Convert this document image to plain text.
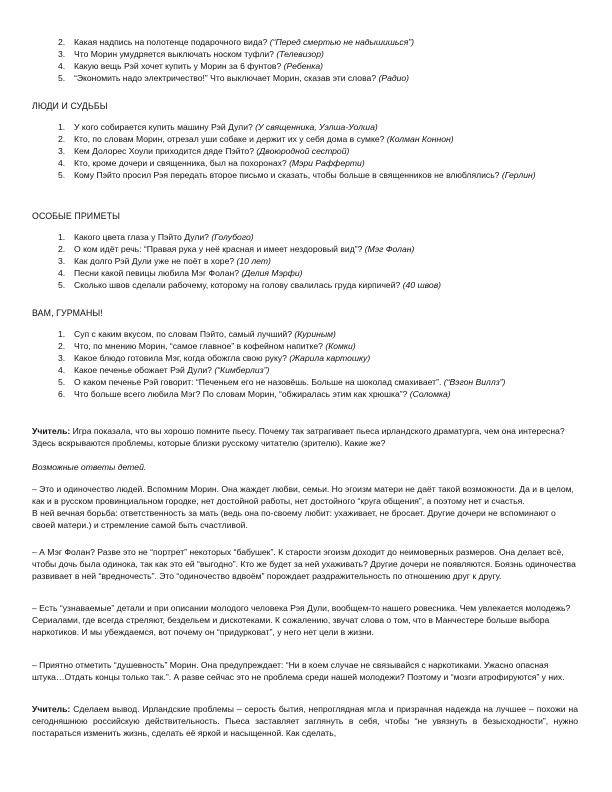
2. Какая надпись на полотенце подарочного вида? (“Перед смертью не надышишься”)
3. Что Морин умудряется выключать носком туфли? (Телевизор)
4. Какую вещь Рэй хочет купить у Морин за 6 фунтов? (Ребенка)
5. “Экономить надо электричество!” Что выключает Морин, сказав эти слова? (Радио)
ЛЮДИ И СУДЬБЫ
1. У кого собирается купить машину Рэй Дули? (У священника, Уэлша-Уолша)
2. Кто, по словам Морин, отрезал уши собаке и держит их у себя дома в сумке? (Колман Коннон)
3. Кем Долорес Хоули приходится дяде Пэйто? (Двоюродной сестрой)
4. Кто, кроме дочери и священника, был на похоронах? (Мэри Рафферти)
5. Кому Пэйто просил Рэя передать второе письмо и сказать, чтобы больше в священников не влюблялись? (Герлин)
ОСОБЫЕ ПРИМЕТЫ
1. Какого цвета глаза у Пэйто Дули? (Голубого)
2. О ком идёт речь: “Правая рука у неё красная и имеет нездоровый вид”? (Мэг Фолан)
3. Как долго Рэй Дули уже не поёт в хоре? (10 лет)
4. Песни какой певицы любила Мэг Фолан? (Делия Мэрфи)
5. Сколько швов сделали рабочему, которому на голову свалилась груда кирпичей? (40 швов)
ВАМ, ГУРМАНЫ!
1. Суп с каким вкусом, по словам Пэйто, самый лучший? (Куриным)
2. Что, по мнению Морин, “самое главное” в кофейном напитке? (Комки)
3. Какое блюдо готовила Мэг, когда обожгла свою руку? (Жарила картошку)
4. Какое печенье обожает Рэй Дули? (“Кимберлиз”)
5. О каком печенье Рэй говорит: “Печеньем его не назовёшь. Больше на шоколад смахивает”. (“Вэгон Виллз”)
6. Что больше всего любила Мэг? По словам Морин, “обжиралась этим как хрюшка”? (Соломка)
Учитель: Игра показала, что вы хорошо помните пьесу. Почему так затрагивает пьеса ирландского драматурга, чем она интересна? Здесь вскрываются проблемы, которые близки русскому читателю (зрителю). Какие же?
Возможные ответы детей.
– Это и одиночество людей. Вспомним Морин. Она жаждет любви, семьи. Но эгоизм матери не даёт такой возможности. Да и в целом, как и в русском провинциальном городке, нет достойной работы, нет достойного “круга общения”, а поэтому нет и счастья.
В ней вечная борьба: ответственность за мать (ведь она по-своему любит: ухаживает, не бросает. Другие дочери не вспоминают о своей матери.) и стремление самой быть счастливой.
– А Мэг Фолан? Разве это не “портрет” некоторых “бабушек”. К старости эгоизм доходит до неимоверных размеров. Она делает всё, чтобы дочь была одинока, так как это ей “выгодно”. Кто же будет за ней ухаживать? Другие дочери не появляются. Боязнь одиночества развивает в ней “вредночесть”. Это “одиночество вдвоём” порождает раздражительность по отношению друг к другу.
– Есть “узнаваемые” детали и при описании молодого человека Рэя Дули, вообщем-то нашего ровесника. Чем увлекается молодежь? Сериалами, где всегда стреляют, бездельем и дискотеками. К сожалению, звучат слова о том, что в Манчестере больше выбора наркотиков. И мы убеждаемся, вот почему он “придурковат”, у него нет цели в жизни.
– Приятно отметить “душевность” Морин. Она предупреждает: “Ни в коем случае не связывайся с наркотиками. Ужасно опасная штука…Отдать концы только так.”. А разве сейчас это не проблема среди нашей молодежи? Поэтому и “мозги атрофируются” у них.
Учитель: Сделаем вывод. Ирландские проблемы – серость бытия, непроглядная мгла и призрачная надежда на лучшее – похожи на сегодняшнюю российскую действительность. Пьеса заставляет заглянуть в себя, чтобы “не увязнуть в безысходности”, нужно постараться изменить жизнь, сделать её яркой и насыщенной. Как сделать,
